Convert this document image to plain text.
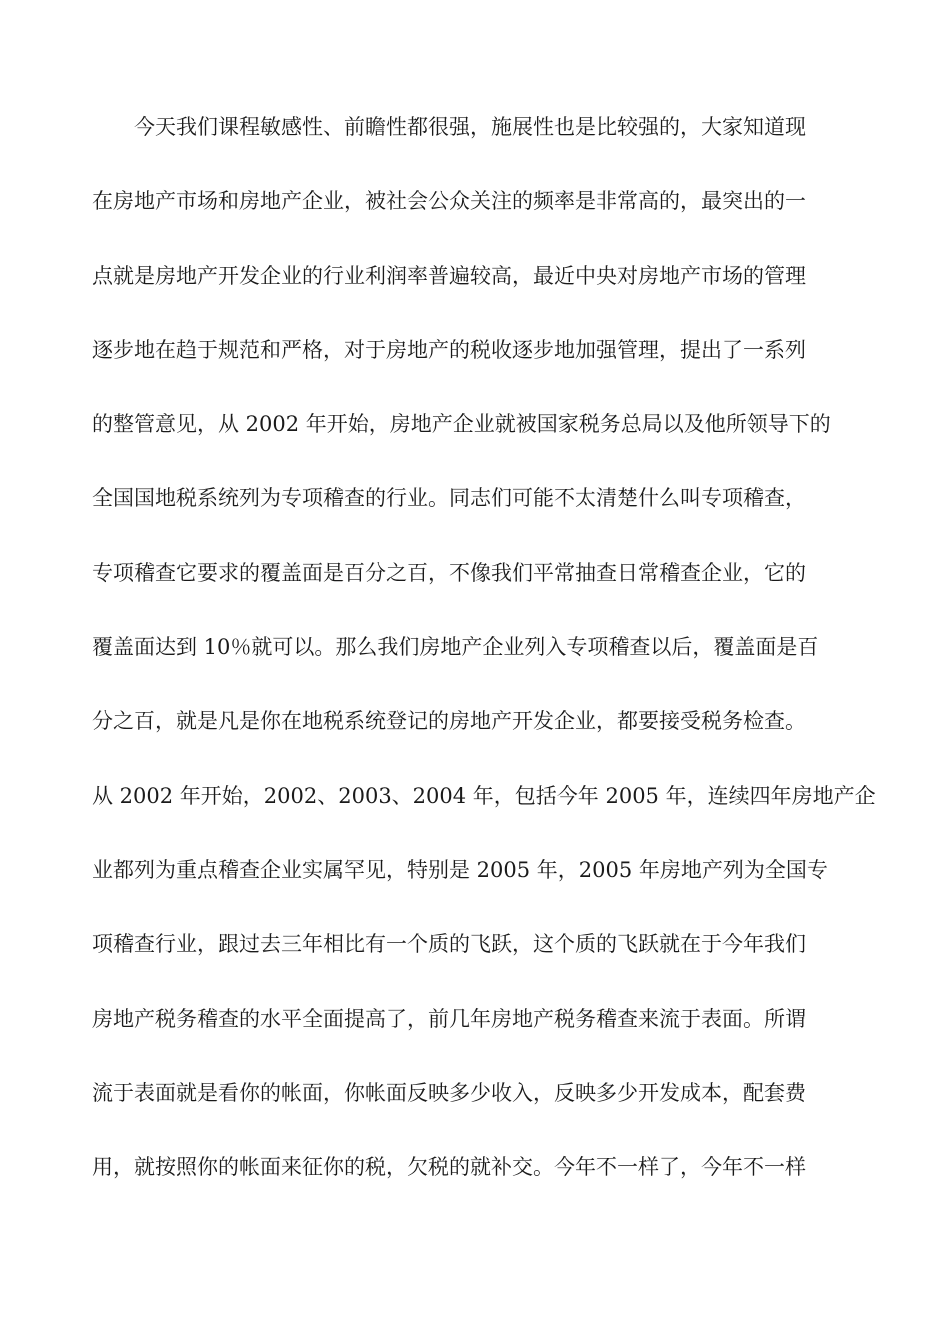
今天我们课程敏感性、前瞻性都很强，施展性也是比较强的，大家知道现
在房地产市场和房地产企业，被社会公众关注的频率是非常高的，最突出的一
点就是房地产开发企业的行业利润率普遍较高，最近中央对房地产市场的管理
逐步地在趋于规范和严格，对于房地产的税收逐步地加强管理，提出了一系列
的整管意见，从 2002 年开始，房地产企业就被国家税务总局以及他所领导下的
全国国地税系统列为专项稽查的行业。同志们可能不太清楚什么叫专项稽查，
专项稽查它要求的覆盖面是百分之百，不像我们平常抽查日常稽查企业，它的
覆盖面达到 10％就可以。那么我们房地产企业列入专项稽查以后，覆盖面是百
分之百，就是凡是你在地税系统登记的房地产开发企业，都要接受税务检查。
从 2002 年开始，2002、2003、2004 年，包括今年 2005 年，连续四年房地产企
业都列为重点稽查企业实属罕见，特别是 2005 年，2005 年房地产列为全国专
项稽查行业，跟过去三年相比有一个质的飞跃，这个质的飞跃就在于今年我们
房地产税务稽查的水平全面提高了，前几年房地产税务稽查来流于表面。所谓
流于表面就是看你的帐面，你帐面反映多少收入，反映多少开发成本，配套费
用，就按照你的帐面来征你的税，欠税的就补交。今年不一样了，今年不一样
